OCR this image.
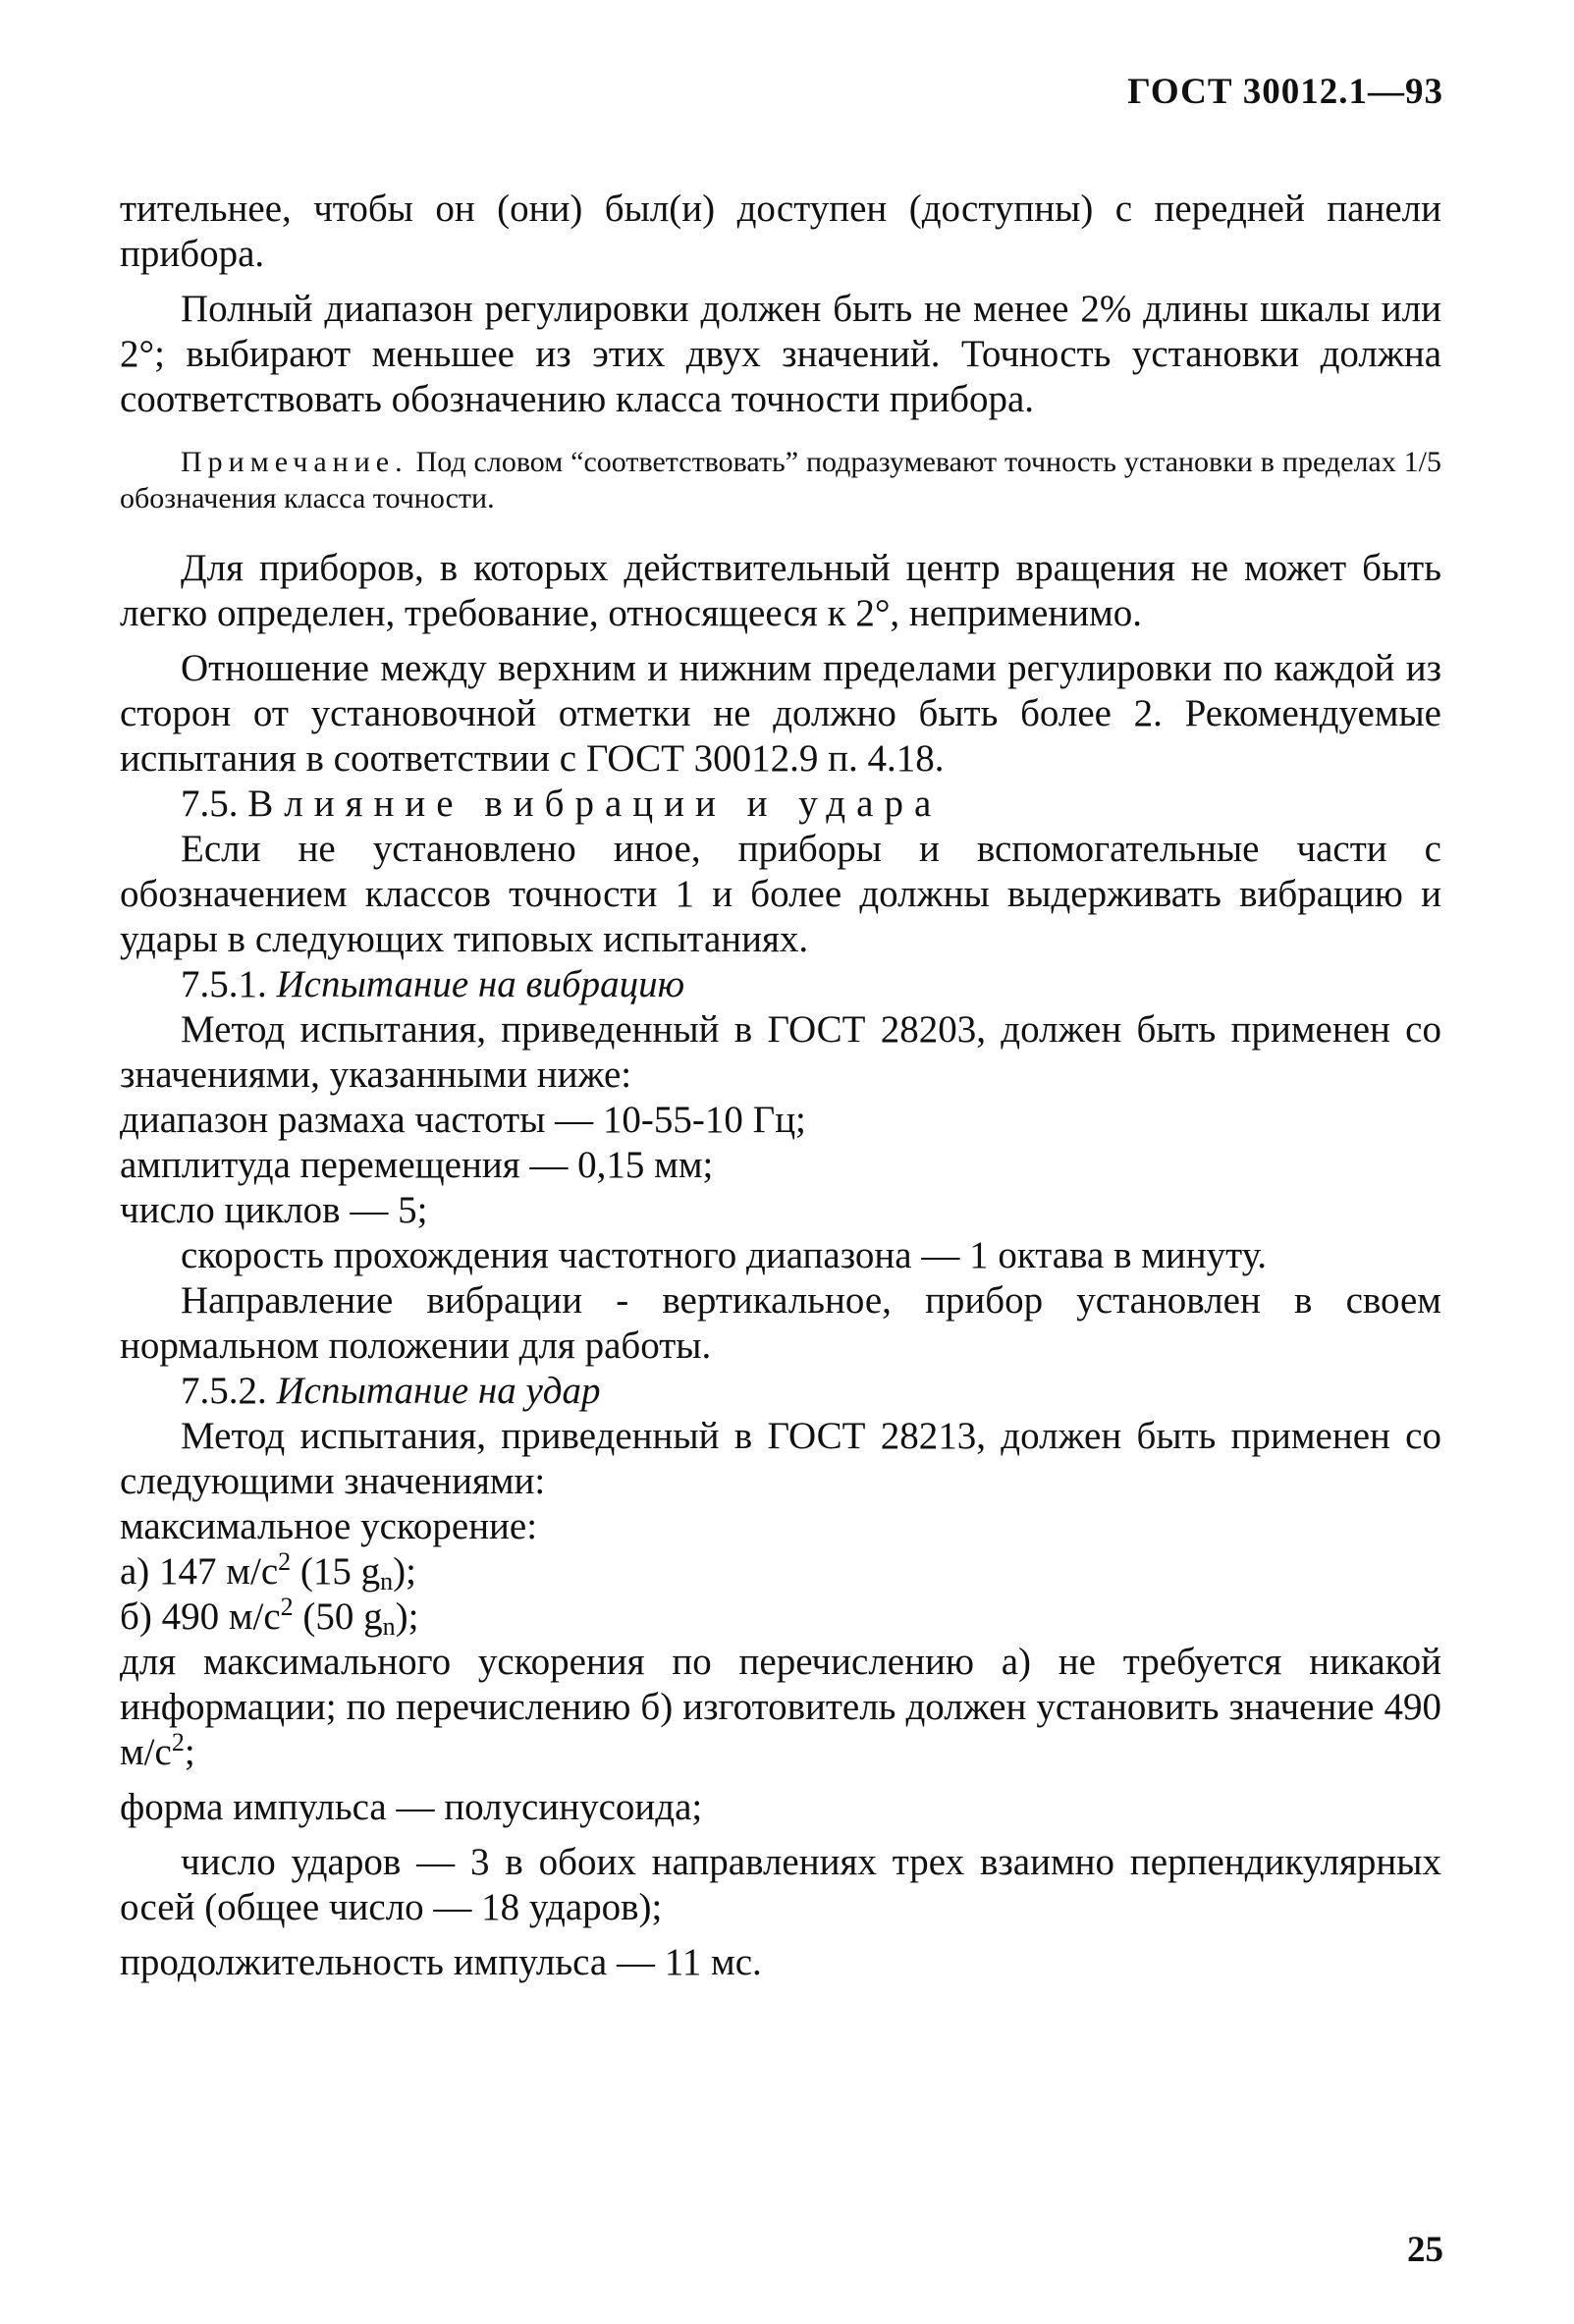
ГОСТ 30012.1—93

тительнее, чтобы он (они) был(и) доступен (доступны) с передней панели прибора.

Полный диапазон регулировки должен быть не менее 2% длины шкалы или 2°; выбирают меньшее из этих двух значений. Точность установки должна соответствовать обозначению класса точности прибора.

Примечание. Под словом “соответствовать” подразумевают точность установки в пределах 1/5 обозначения класса точности.

Для приборов, в которых действительный центр вращения не может быть легко определен, требование, относящееся к 2°, неприменимо.

Отношение между верхним и нижним пределами регулировки по каждой из сторон от установочной отметки не должно быть более 2. Рекомендуемые испытания в соответствии с ГОСТ 30012.9 п. 4.18.

7.5. Влияние вибрации и удара

Если не установлено иное, приборы и вспомогательные части с обозначением классов точности 1 и более должны выдерживать вибрацию и удары в следующих типовых испытаниях.

7.5.1. Испытание на вибрацию

Метод испытания, приведенный в ГОСТ 28203, должен быть применен со значениями, указанными ниже:

диапазон размаха частоты — 10-55-10 Гц;

амплитуда перемещения — 0,15 мм;

число циклов — 5;

скорость прохождения частотного диапазона — 1 октава в минуту.

Направление вибрации - вертикальное, прибор установлен в своем нормальном положении для работы.

7.5.2. Испытание на удар

Метод испытания, приведенный в ГОСТ 28213, должен быть применен со следующими значениями:

максимальное ускорение:

а) 147 $м/с^2$ (15 $g_n$);

б) 490 $м/с^2$ (50 $g_n$);

для максимального ускорения по перечислению а) не требуется никакой информации; по перечислению б) изготовитель должен установить значение 490 $м/с^2$;

форма импульса — полусинусоида;

число ударов — 3 в обоих направлениях трех взаимно перпендикулярных осей (общее число — 18 ударов);

продолжительность импульса — 11 мс.

25
